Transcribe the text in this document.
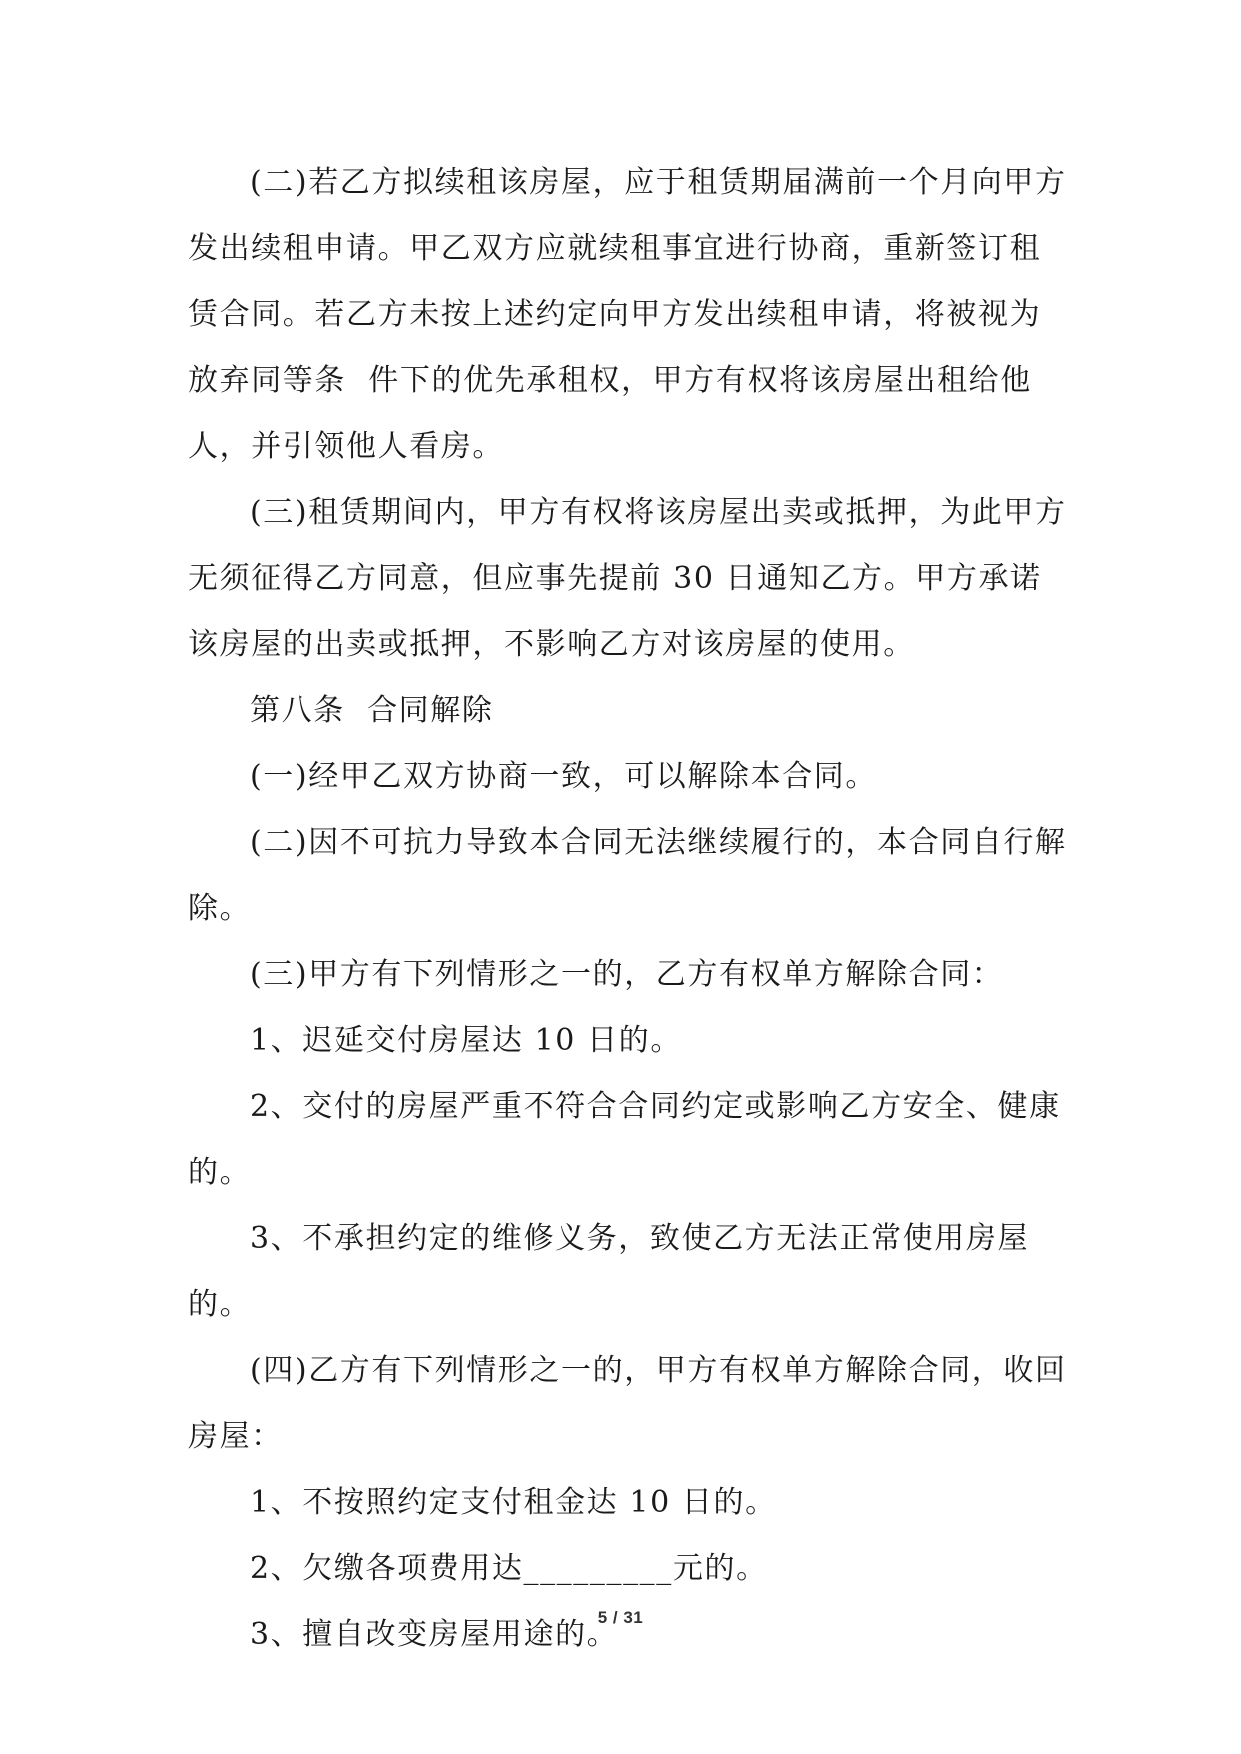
(二)若乙方拟续租该房屋，应于租赁期届满前一个月向甲方发出续租申请。甲乙双方应就续租事宜进行协商，重新签订租赁合同。若乙方未按上述约定向甲方发出续租申请，将被视为放弃同等条  件下的优先承租权，甲方有权将该房屋出租给他人，并引领他人看房。

(三)租赁期间内，甲方有权将该房屋出卖或抵押，为此甲方无须征得乙方同意，但应事先提前 30 日通知乙方。甲方承诺该房屋的出卖或抵押，不影响乙方对该房屋的使用。

第八条  合同解除

(一)经甲乙双方协商一致，可以解除本合同。

(二)因不可抗力导致本合同无法继续履行的，本合同自行解除。

(三)甲方有下列情形之一的，乙方有权单方解除合同：

1、迟延交付房屋达 10 日的。

2、交付的房屋严重不符合合同约定或影响乙方安全、健康的。

3、不承担约定的维修义务，致使乙方无法正常使用房屋的。

(四)乙方有下列情形之一的，甲方有权单方解除合同，收回房屋：

1、不按照约定支付租金达 10 日的。

2、欠缴各项费用达_________元的。

3、擅自改变房屋用途的。

5 / 31
